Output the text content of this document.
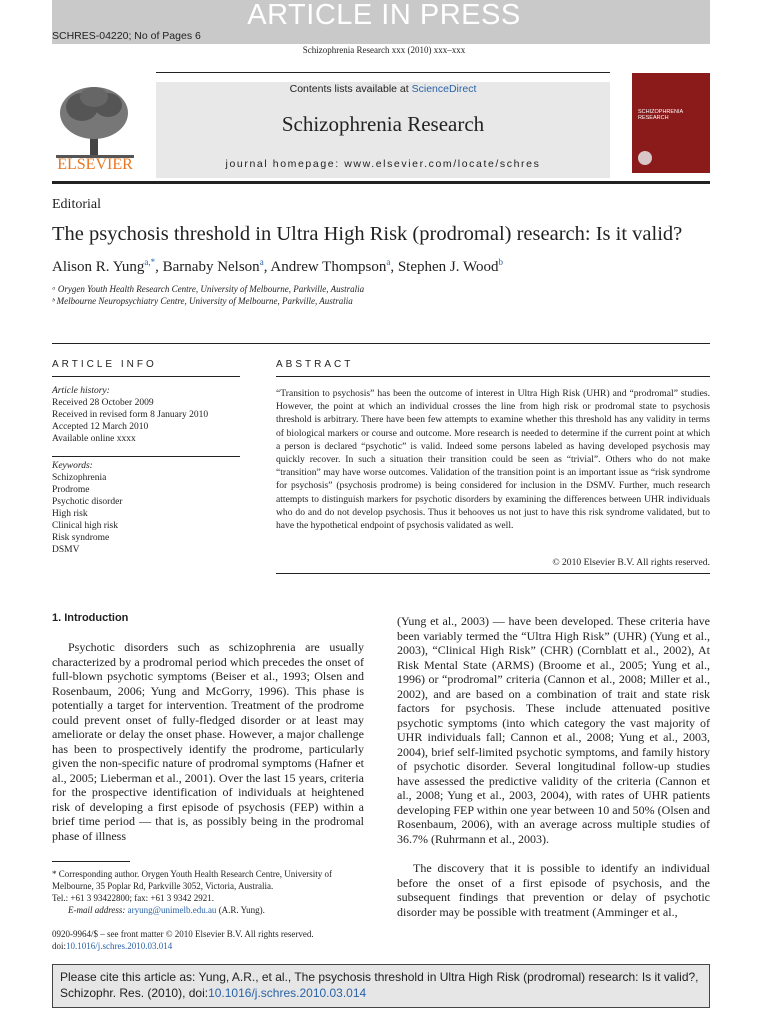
ARTICLE IN PRESS
SCHRES-04220; No of Pages 6
Schizophrenia Research xxx (2010) xxx–xxx
ELSEVIER
Contents lists available at ScienceDirect
Schizophrenia Research
journal homepage: www.elsevier.com/locate/schres
SCHIZOPHRENIA RESEARCH
Editorial
The psychosis threshold in Ultra High Risk (prodromal) research: Is it valid?
Alison R. Yung$^{a,*}$, Barnaby Nelson$^a$, Andrew Thompson$^a$, Stephen J. Wood$^b$
ᵃ Orygen Youth Health Research Centre, University of Melbourne, Parkville, Australia
ᵇ Melbourne Neuropsychiatry Centre, University of Melbourne, Parkville, Australia
ARTICLE INFO
Article history:
Received 28 October 2009
Received in revised form 8 January 2010
Accepted 12 March 2010
Available online xxxx
Keywords:
Schizophrenia
Prodrome
Psychotic disorder
High risk
Clinical high risk
Risk syndrome
DSMV
ABSTRACT
“Transition to psychosis” has been the outcome of interest in Ultra High Risk (UHR) and “prodromal” studies. However, the point at which an individual crosses the line from high risk or prodromal state to psychosis threshold is arbitrary. There have been few attempts to examine whether this threshold has any validity in terms of biological markers or course and outcome. More research is needed to determine if the current point at which a person is declared “psychotic” is valid. Indeed some persons labeled as having developed psychosis may quickly recover. In such a situation their transition could be seen as “trivial”. Others who do not make “transition” may have worse outcomes. Validation of the transition point is an important issue as “risk syndrome for psychosis” (psychosis prodrome) is being considered for inclusion in the DSMV. Further, much research attempts to distinguish markers for psychotic disorders by examining the differences between UHR individuals who do and do not develop psychosis. Thus it behooves us not just to have this risk syndrome validated, but to have the hypothetical endpoint of psychosis validated as well.
© 2010 Elsevier B.V. All rights reserved.
1. Introduction
Psychotic disorders such as schizophrenia are usually characterized by a prodromal period which precedes the onset of full-blown psychotic symptoms (Beiser et al., 1993; Olsen and Rosenbaum, 2006; Yung and McGorry, 1996). This phase is potentially a target for intervention. Treatment of the prodrome could prevent onset of fully-fledged disorder or at least may ameliorate or delay the onset phase. However, a major challenge has been to prospectively identify the prodrome, particularly given the non-specific nature of prodromal symptoms (Hafner et al., 2005; Lieberman et al., 2001). Over the last 15 years, criteria for the prospective identification of individuals at heightened risk of developing a first episode of psychosis (FEP) within a brief time period — that is, as possibly being in the prodromal phase of illness
(Yung et al., 2003) — have been developed. These criteria have been variably termed the “Ultra High Risk” (UHR) (Yung et al., 2003), “Clinical High Risk” (CHR) (Cornblatt et al., 2002), At Risk Mental State (ARMS) (Broome et al., 2005; Yung et al., 1996) or “prodromal” criteria (Cannon et al., 2008; Miller et al., 2002), and are based on a combination of trait and state risk factors for psychosis. These include attenuated positive psychotic symptoms (into which category the vast majority of UHR individuals fall; Cannon et al., 2008; Yung et al., 2003, 2004), brief self-limited psychotic symptoms, and family history of psychotic disorder. Several longitudinal follow-up studies have assessed the predictive validity of the criteria (Cannon et al., 2008; Yung et al., 2003, 2004), with rates of UHR patients developing FEP within one year between 10 and 50% (Olsen and Rosenbaum, 2006), with an average across multiple studies of 36.7% (Ruhrmann et al., 2003).
The discovery that it is possible to identify an individual before the onset of a first episode of psychosis, and the subsequent findings that prevention or delay of psychotic disorder may be possible with treatment (Amminger et al.,
* Corresponding author. Orygen Youth Health Research Centre, University of Melbourne, 35 Poplar Rd, Parkville 3052, Victoria, Australia.
Tel.: +61 3 93422800; fax: +61 3 9342 2921.
E-mail address: aryung@unimelb.edu.au (A.R. Yung).
0920-9964/$ – see front matter © 2010 Elsevier B.V. All rights reserved.
doi:10.1016/j.schres.2010.03.014
Please cite this article as: Yung, A.R., et al., The psychosis threshold in Ultra High Risk (prodromal) research: Is it valid?, Schizophr. Res. (2010), doi:10.1016/j.schres.2010.03.014
